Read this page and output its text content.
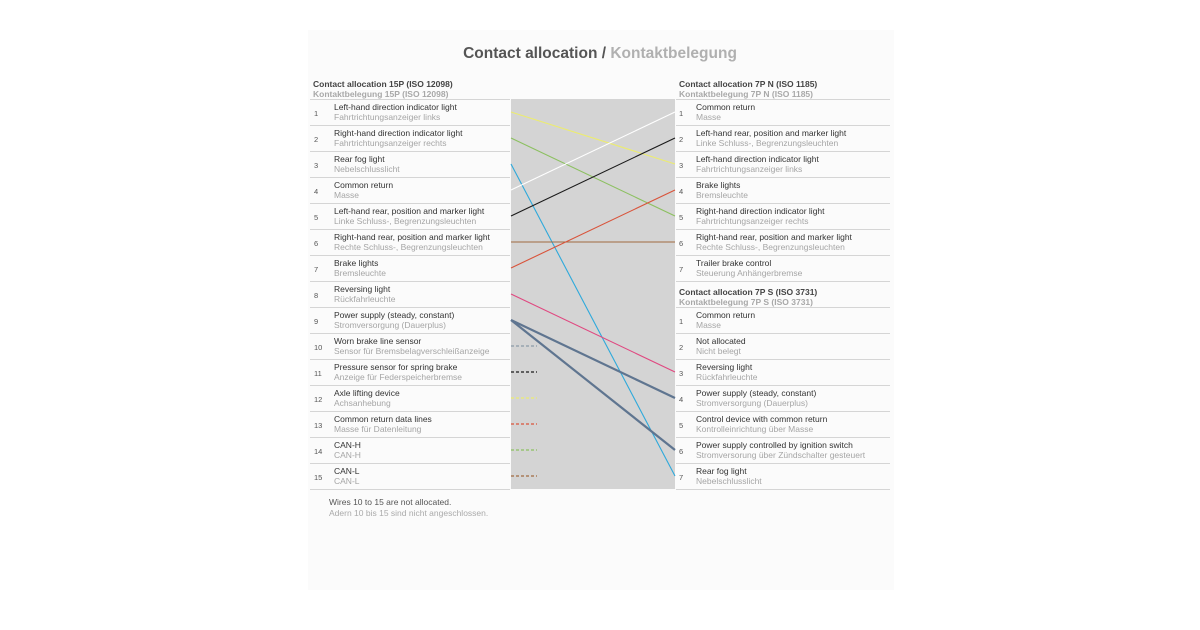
Contact allocation / Kontaktbelegung
Contact allocation 15P (ISO 12098)
Kontaktbelegung 15P (ISO 12098)
Contact allocation 7P N (ISO 1185)
Kontaktbelegung 7P N (ISO 1185)
Contact allocation 7P S (ISO 3731)
Kontaktbelegung 7P S (ISO 3731)
1
Left-hand direction indicator light
Fahrtrichtungsanzeiger links
2
Right-hand direction indicator light
Fahrtrichtungsanzeiger rechts
3
Rear fog light
Nebelschlusslicht
4
Common return
Masse
5
Left-hand rear, position and marker light
Linke Schluss-, Begrenzungsleuchten
6
Right-hand rear, position and marker light
Rechte Schluss-, Begrenzungsleuchten
7
Brake lights
Bremsleuchte
8
Reversing light
Rückfahrleuchte
9
Power supply (steady, constant)
Stromversorgung (Dauerplus)
10
Worn brake line sensor
Sensor für Bremsbelagverschleißanzeige
11
Pressure sensor for spring brake
Anzeige für Federspeicherbremse
12
Axle lifting device
Achsanhebung
13
Common return data lines
Masse für Datenleitung
14
CAN-H
CAN-H
15
CAN-L
CAN-L
1
Common return
Masse
2
Left-hand rear, position and marker light
Linke Schluss-, Begrenzungsleuchten
3
Left-hand direction indicator light
Fahrtrichtungsanzeiger links
4
Brake lights
Bremsleuchte
5
Right-hand direction indicator light
Fahrtrichtungsanzeiger rechts
6
Right-hand rear, position and marker light
Rechte Schluss-, Begrenzungsleuchten
7
Trailer brake control
Steuerung Anhängerbremse
1
Common return
Masse
2
Not allocated
Nicht belegt
3
Reversing light
Rückfahrleuchte
4
Power supply (steady, constant)
Stromversorgung (Dauerplus)
5
Control device with common return
Kontrolleinrichtung über Masse
6
Power supply controlled by ignition switch
Stromversorung über Zündschalter gesteuert
7
Rear fog light
Nebelschlusslicht
Wires 10 to 15 are not allocated.
Adern 10 bis 15 sind nicht angeschlossen.
